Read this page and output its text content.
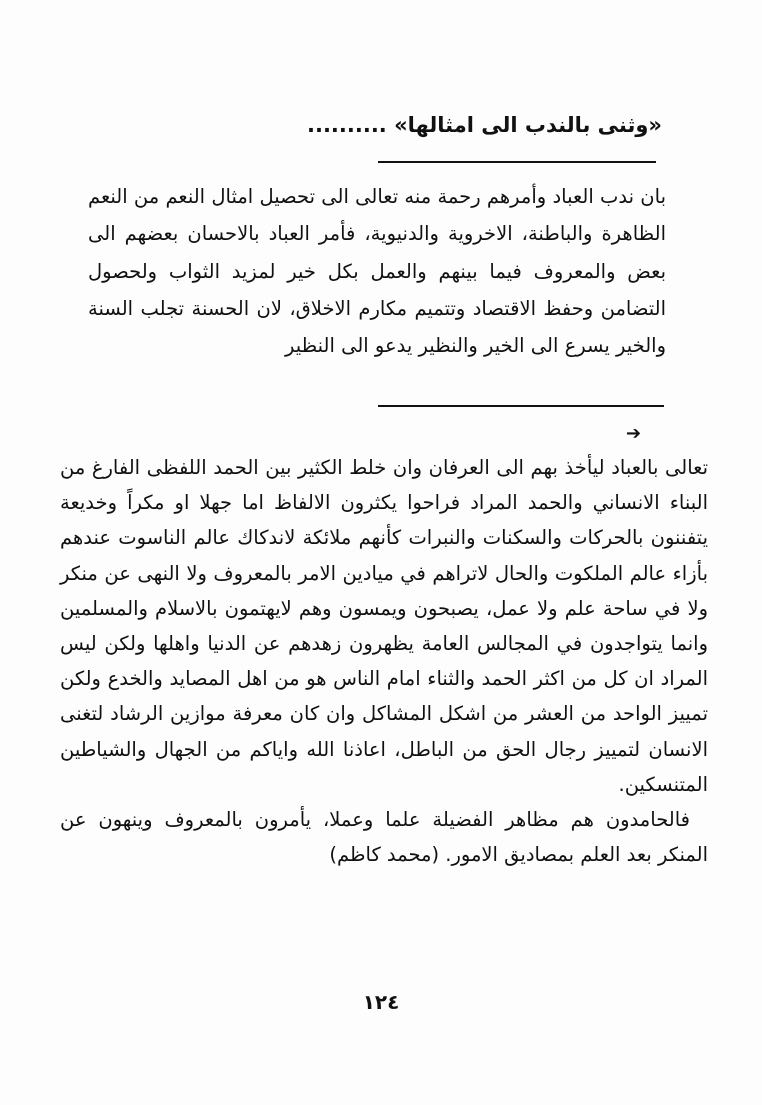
«وثنى بالندب الى امثالها» ..........
بان ندب العباد وأمرهم رحمة منه تعالى الى تحصيل امثال النعم من النعم الظاهرة والباطنة، الاخروية والدنيوية، فأمر العباد بالاحسان بعضهم الى بعض والمعروف فيما بينهم والعمل بكل خير لمزيد الثواب ولحصول التضامن وحفظ الاقتصاد وتتميم مكارم الاخلاق، لان الحسنة تجلب السنة والخير يسرع الى الخير والنظير يدعو الى النظير
➔

تعالى بالعباد ليأخذ بهم الى العرفان وان خلط الكثير بين الحمد اللفظى الفارغ من البناء الانساني والحمد المراد فراحوا يكثرون الالفاظ اما جهلا او مكراً وخديعة يتفننون بالحركات والسكنات والنبرات كأنهم ملائكة لاندكاك عالم الناسوت عندهم بأزاء عالم الملكوت والحال لاتراهم في ميادين الامر بالمعروف ولا النهى عن منكر ولا في ساحة علم ولا عمل، يصبحون ويمسون وهم لايهتمون بالاسلام والمسلمين وانما يتواجدون في المجالس العامة يظهرون زهدهم عن الدنيا واهلها ولكن ليس المراد ان كل من اكثر الحمد والثناء امام الناس هو من اهل المصايد والخدع ولكن تمييز الواحد من العشر من اشكل المشاكل وان كان معرفة موازين الرشاد لتغنى الانسان لتمييز رجال الحق من الباطل، اعاذنا الله واياكم من الجهال والشياطين المتنسكين.

فالحامدون هم مظاهر الفضيلة علما وعملا، يأمرون بالمعروف وينهون عن المنكر بعد العلم بمصاديق الامور. (محمد كاظم)

١٢٤
